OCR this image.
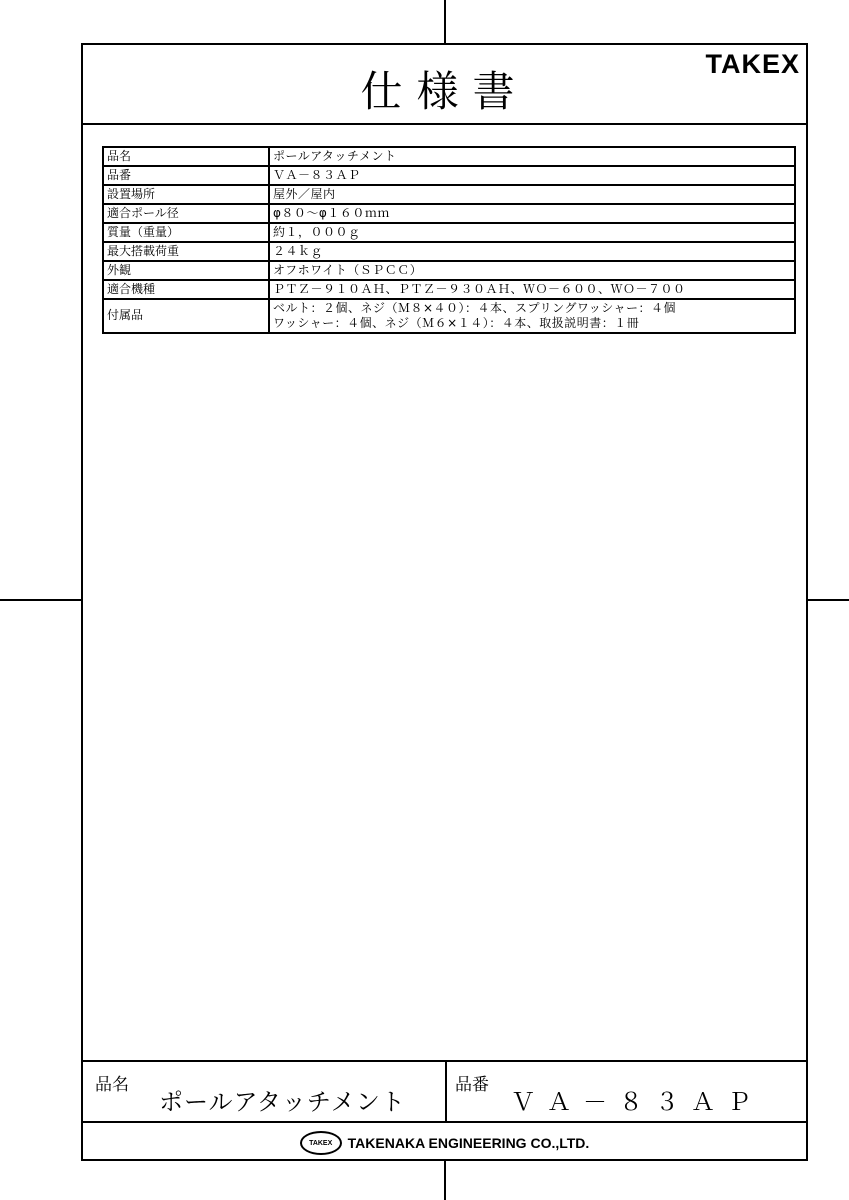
仕様書
TAKEX
品名	ポールアタッチメント

品番	ＶＡ－８３ＡＰ

設置場所	屋外／屋内

適合ポール径	φ８０～φ１６０ｍｍ

質量（重量）	約１，０００ｇ

最大搭載荷重	２４ｋｇ

外観	オフホワイト（ＳＰＣＣ）

適合機種	ＰＴＺ－９１０ＡＨ、ＰＴＺ－９３０ＡＨ、ＷＯ－６００、ＷＯ－７００

付属品	ベルト：２個、ネジ（Ｍ８×４０）：４本、スプリングワッシャー：４個
ワッシャー：４個、ネジ（Ｍ６×１４）：４本、取扱説明書：１冊
品名
ポールアタッチメント
品番
ＶＡ－８３ＡＰ
TAKEX	TAKENAKA ENGINEERING CO.,LTD.
